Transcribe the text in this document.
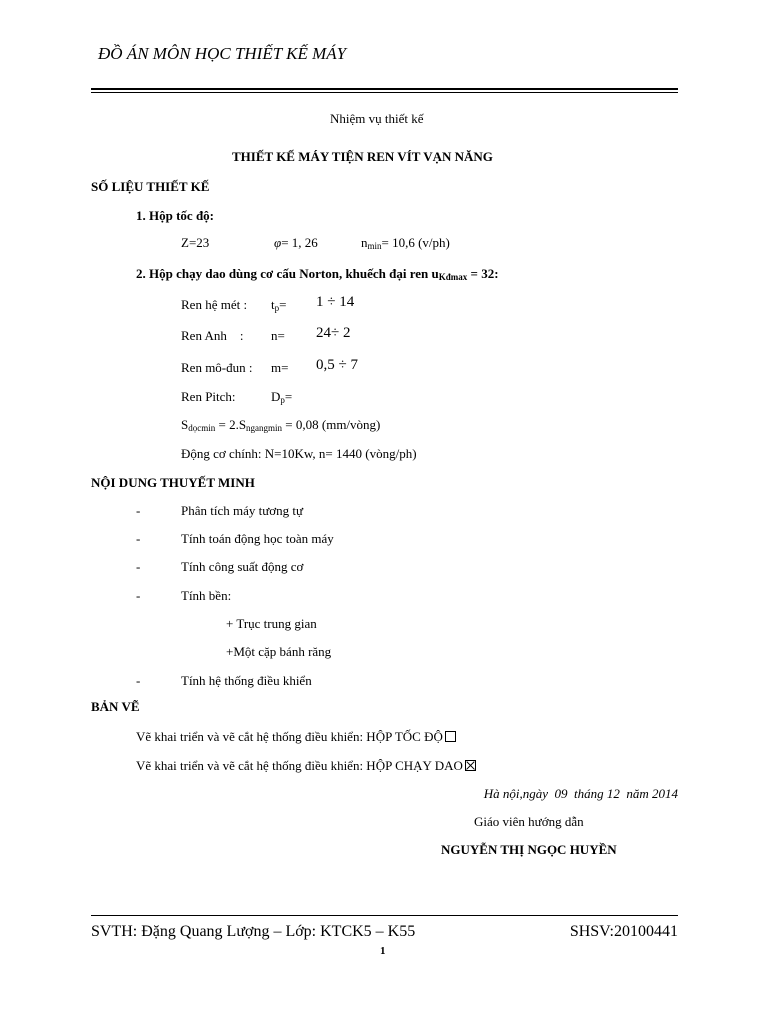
ĐỒ ÁN MÔN HỌC THIẾT KẾ MÁY
Nhiệm vụ thiết kế
THIẾT KẾ MÁY TIỆN REN VÍT VẠN NĂNG
SỐ LIỆU THIẾT KẾ
1. Hộp tốc độ:
Z=23	φ= 1, 26	$n_{min}= 10,6$ (v/ph)
2. Hộp chạy dao dùng cơ cấu Norton, khuếch đại ren $u_{Kđmax} = 32$:
Ren hệ mét : $t_p= 1 \div 14$
Ren Anh    : n= 24÷ 2
Ren mô-đun : m= 0,5 ÷ 7
Ren Pitch:	$D_p=$
$S_{dọcmin} = 2.S_{ngangmin} = 0,08$ (mm/vòng)
Động cơ chính: N=10Kw, n= 1440 (vòng/ph)
NỘI DUNG THUYẾT MINH
-	Phân tích máy tương tự
-	Tính toán động học toàn máy
-	Tính công suất động cơ
-	Tính bền:
+ Trục trung gian
+Một cặp bánh răng
-	Tính hệ thống điều khiển
BẢN VẼ
Vẽ khai triển và vẽ cắt hệ thống điều khiển: HỘP TỐC ĐỘ
Vẽ khai triển và vẽ cắt hệ thống điều khiển: HỘP CHẠY DAO
Hà nội,ngày  09  tháng 12  năm 2014
Giáo viên hướng dẫn
NGUYỄN THỊ NGỌC HUYỀN
SVTH: Đặng Quang Lượng – Lớp: KTCK5 – K55	SHSV:20100441
1
